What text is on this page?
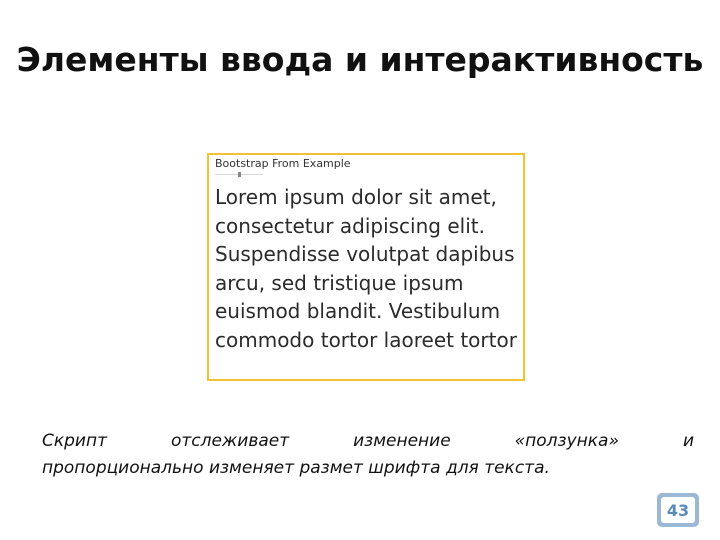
Элементы ввода и интерактивность
Bootstrap From Example
Lorem ipsum dolor sit amet,
consectetur adipiscing elit.
Suspendisse volutpat dapibus
arcu, sed tristique ipsum
euismod blandit. Vestibulum
commodo tortor laoreet tortor
Скрипт	отслеживает	изменение	«ползунка»	и
пропорционально изменяет размет шрифта для текста.
43
